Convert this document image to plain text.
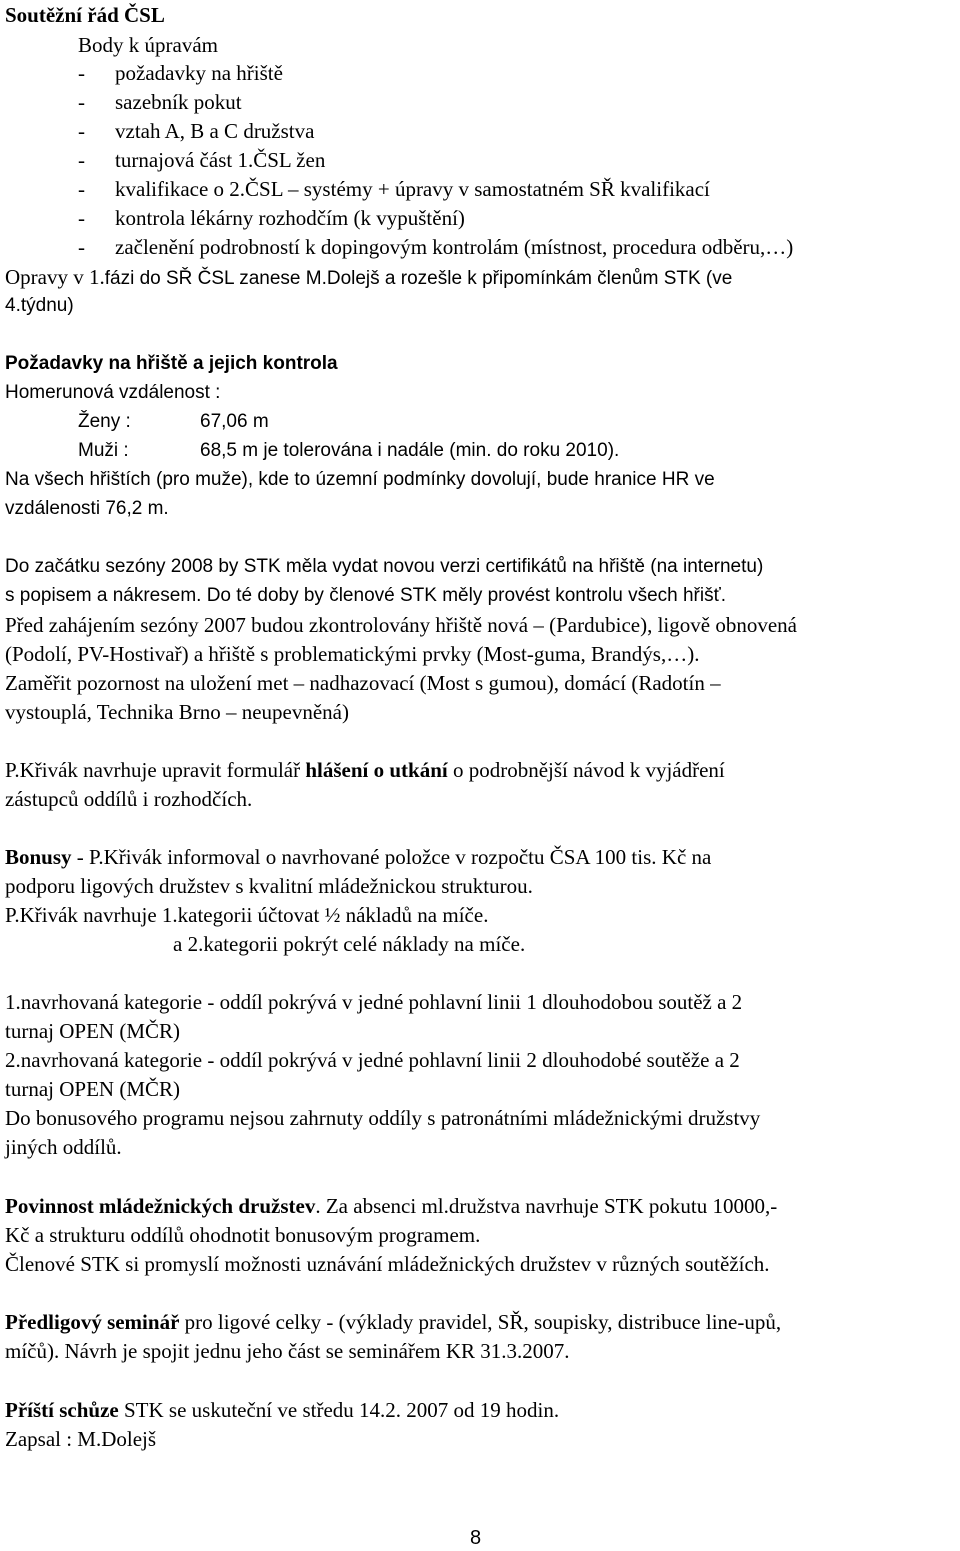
Soutěžní řád ČSL
Body k úpravám
- požadavky na hřiště
- sazebník pokut
- vztah A, B a C družstva
- turnajová část 1.ČSL žen
- kvalifikace o 2.ČSL – systémy + úpravy v samostatném SŘ kvalifikací
- kontrola lékárny rozhodčím (k vypuštění)
- začlenění podrobností k dopingovým kontrolám (místnost, procedura odběru,…)
Opravy v 1.fázi do SŘ ČSL zanese M.Dolejš a rozešle k připomínkám členům STK (ve
4.týdnu)
Požadavky na hřiště a jejich kontrola
Homerunová vzdálenost :
Ženy :	67,06 m
Muži :	68,5 m je tolerována i nadále (min. do roku 2010).
Na všech hřištích (pro muže), kde to územní podmínky dovolují, bude hranice HR ve
vzdálenosti 76,2 m.
Do začátku sezóny 2008 by STK měla vydat novou verzi certifikátů na hřiště (na internetu)
s popisem a nákresem. Do té doby by členové STK měly provést kontrolu všech hřišť.
Před zahájením sezóny 2007 budou zkontrolovány hřiště nová – (Pardubice), ligově obnovená
(Podolí, PV-Hostivař) a hřiště s problematickými prvky (Most-guma, Brandýs,…).
Zaměřit pozornost na uložení met – nadhazovací (Most s gumou), domácí (Radotín –
vystouplá, Technika Brno – neupevněná)
P.Křivák navrhuje upravit formulář hlášení o utkání o podrobnější návod k vyjádření
zástupců oddílů i rozhodčích.
Bonusy - P.Křivák informoval o navrhované položce v rozpočtu ČSA 100 tis. Kč na
podporu ligových družstev s kvalitní mládežnickou strukturou.
P.Křivák navrhuje 1.kategorii účtovat ½ nákladů na míče.
a 2.kategorii pokrýt celé náklady na míče.
1.navrhovaná kategorie - oddíl pokrývá v jedné pohlavní linii 1 dlouhodobou soutěž a 2
turnaj OPEN (MČR)
2.navrhovaná kategorie - oddíl pokrývá v jedné pohlavní linii 2 dlouhodobé soutěže a 2
turnaj OPEN (MČR)
Do bonusového programu nejsou zahrnuty oddíly s patronátními mládežnickými družstvy
jiných oddílů.
Povinnost mládežnických družstev. Za absenci ml.družstva navrhuje STK pokutu 10000,-
Kč a strukturu oddílů ohodnotit bonusovým programem.
Členové STK si promyslí možnosti uznávání mládežnických družstev v různých soutěžích.
Předligový seminář pro ligové celky - (výklady pravidel, SŘ, soupisky, distribuce line-upů,
míčů). Návrh je spojit jednu jeho část se seminářem KR 31.3.2007.
Příští schůze STK se uskuteční ve středu 14.2. 2007 od 19 hodin.
Zapsal : M.Dolejš
8
